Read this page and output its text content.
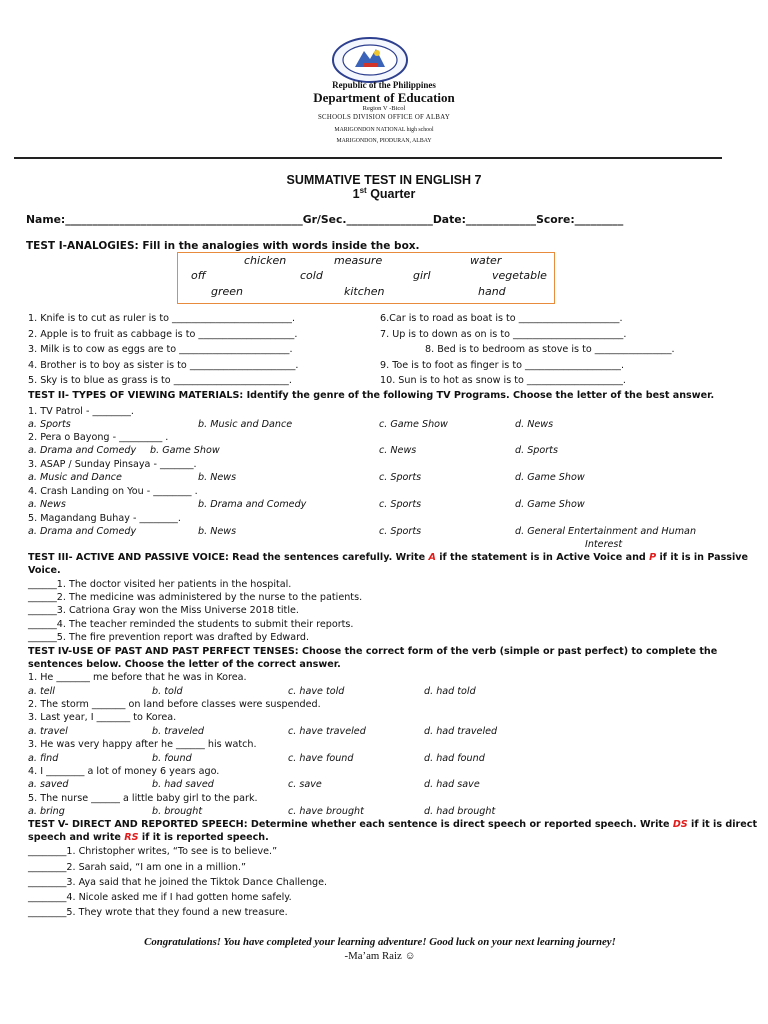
Republic of the Philippines
Department of Education
Region V -Bicol
SCHOOLS DIVISION OFFICE OF ALBAY
MARIGONDON NATIONAL high school
MARIGONDON, PIODURAN, ALBAY
SUMMATIVE TEST IN ENGLISH 7
1st Quarter
Name:____________________________________________Gr/Sec.________________Date:_____________Score:_________
TEST I-ANALOGIES: Fill in the analogies with words inside the box.
chicken	measure	water
off	cold	girl	vegetable
green	kitchen	hand
1. Knife is to cut as ruler is to _________________________.
2. Apple is to fruit as cabbage is to ____________________.
3. Milk is to cow as eggs are to _______________________.
4. Brother is to boy as sister is to ______________________.
5. Sky is to blue as grass is to ________________________.
6.Car is to road as boat is to _____________________.
7. Up is to down as on is to _______________________.
8. Bed is to bedroom as stove is to ________________.
9. Toe is to foot as finger is to ____________________.
10. Sun is to hot as snow is to ____________________.
TEST II- TYPES OF VIEWING MATERIALS: Identify the genre of the following TV Programs. Choose the letter of the best answer.
1. TV Patrol - ________.
a. Sports	b. Music and Dance	c. Game Show	d. News
2. Pera o Bayong - _________ .
a. Drama and Comedy b. Game Show	c. News	d. Sports
3. ASAP / Sunday Pinsaya - _______.
a. Music and Dance	b. News	c. Sports	d. Game Show
4. Crash Landing on You - ________ .
a. News	b. Drama and Comedy	c. Sports	d. Game Show
5. Magandang Buhay - ________.
a. Drama and Comedy	b. News	c. Sports	d. General Entertainment and Human
Interest
TEST III- ACTIVE AND PASSIVE VOICE: Read the sentences carefully. Write A if the statement is in Active Voice and P if it is in Passive
Voice.
______1. The doctor visited her patients in the hospital.
______2. The medicine was administered by the nurse to the patients.
______3. Catriona Gray won the Miss Universe 2018 title.
______4. The teacher reminded the students to submit their reports.
______5. The fire prevention report was drafted by Edward.
TEST IV-USE OF PAST AND PAST PERFECT TENSES: Choose the correct form of the verb (simple or past perfect) to complete the
sentences below. Choose the letter of the correct answer.
1. He _______ me before that he was in Korea.
a. tell	b. told	c. have told	d. had told
2. The storm _______ on land before classes were suspended.
3. Last year, I _______ to Korea.
a. travel	b. traveled	c. have traveled	d. had traveled
3. He was very happy after he ______ his watch.
a. find	b. found	c. have found	d. had found
4. I ________ a lot of money 6 years ago.
a. saved	b. had saved	c. save	d. had save
5. The nurse ______ a little baby girl to the park.
a. bring	b. brought	c. have brought	d. had brought
TEST V- DIRECT AND REPORTED SPEECH: Determine whether each sentence is direct speech or reported speech. Write DS if it is direct
speech and write RS if it is reported speech.
________1. Christopher writes, “To see is to believe.”
________2. Sarah said, “I am one in a million.”
________3. Aya said that he joined the Tiktok Dance Challenge.
________4. Nicole asked me if I had gotten home safely.
________5. They wrote that they found a new treasure.
Congratulations! You have completed your learning adventure! Good luck on your next learning journey!
-Ma’am Raiz ☺
